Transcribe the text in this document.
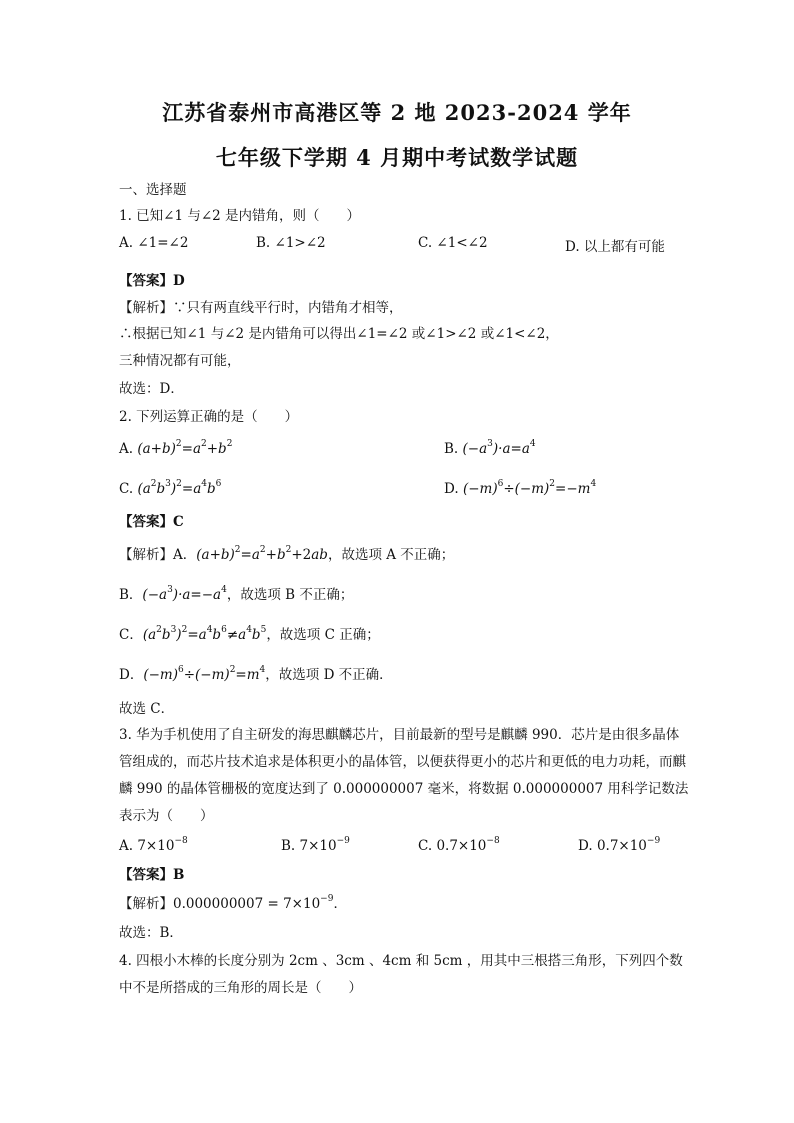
江苏省泰州市高港区等 2 地 2023-2024 学年
七年级下学期 4 月期中考试数学试题
一、选择题
1. 已知∠1 与∠2 是内错角，则（　　）
A. ∠1=∠2	B. ∠1>∠2	C. ∠1<∠2	D. 以上都有可能
【答案】D
【解析】∵只有两直线平行时，内错角才相等，
∴根据已知∠1 与∠2 是内错角可以得出∠1=∠2 或∠1>∠2 或∠1<∠2，
三种情况都有可能，
故选：D．
2. 下列运算正确的是（　　）
A. $(a+b)^2=a^2+b^2$	B. $(-a^3)\cdot a=a^4$
C. $(a^2b^3)^2=a^4b^6$	D. $(-m)^6\div(-m)^2=-m^4$
【答案】C
【解析】A．$(a+b)^2=a^2+b^2+2ab$，故选项 A 不正确；
B．$(-a^3)\cdot a=-a^4$，故选项 B 不正确；
C．$(a^2b^3)^2=a^4b^6\ne a^4b^5$，故选项 C 正确；
D．$(-m)^6\div(-m)^2=m^4$，故选项 D 不正确．
故选 C．
3. 华为手机使用了自主研发的海思麒麟芯片，目前最新的型号是麒麟 990．芯片是由很多晶体管组成的，而芯片技术追求是体积更小的晶体管，以便获得更小的芯片和更低的电力功耗，而麒麟 990 的晶体管栅极的宽度达到了 0.000000007 毫米，将数据 0.000000007 用科学记数法表示为（　　）
A. $7\times 10^{-8}$	B. $7\times 10^{-9}$	C. $0.7\times 10^{-8}$	D. $0.7\times 10^{-9}$
【答案】B
【解析】$0.000000007 = 7\times 10^{-9}$．
故选：B．
4. 四根小木棒的长度分别为 2cm 、3cm 、4cm 和 5cm ，用其中三根搭三角形，下列四个数中不是所搭成的三角形的周长是（　　）
